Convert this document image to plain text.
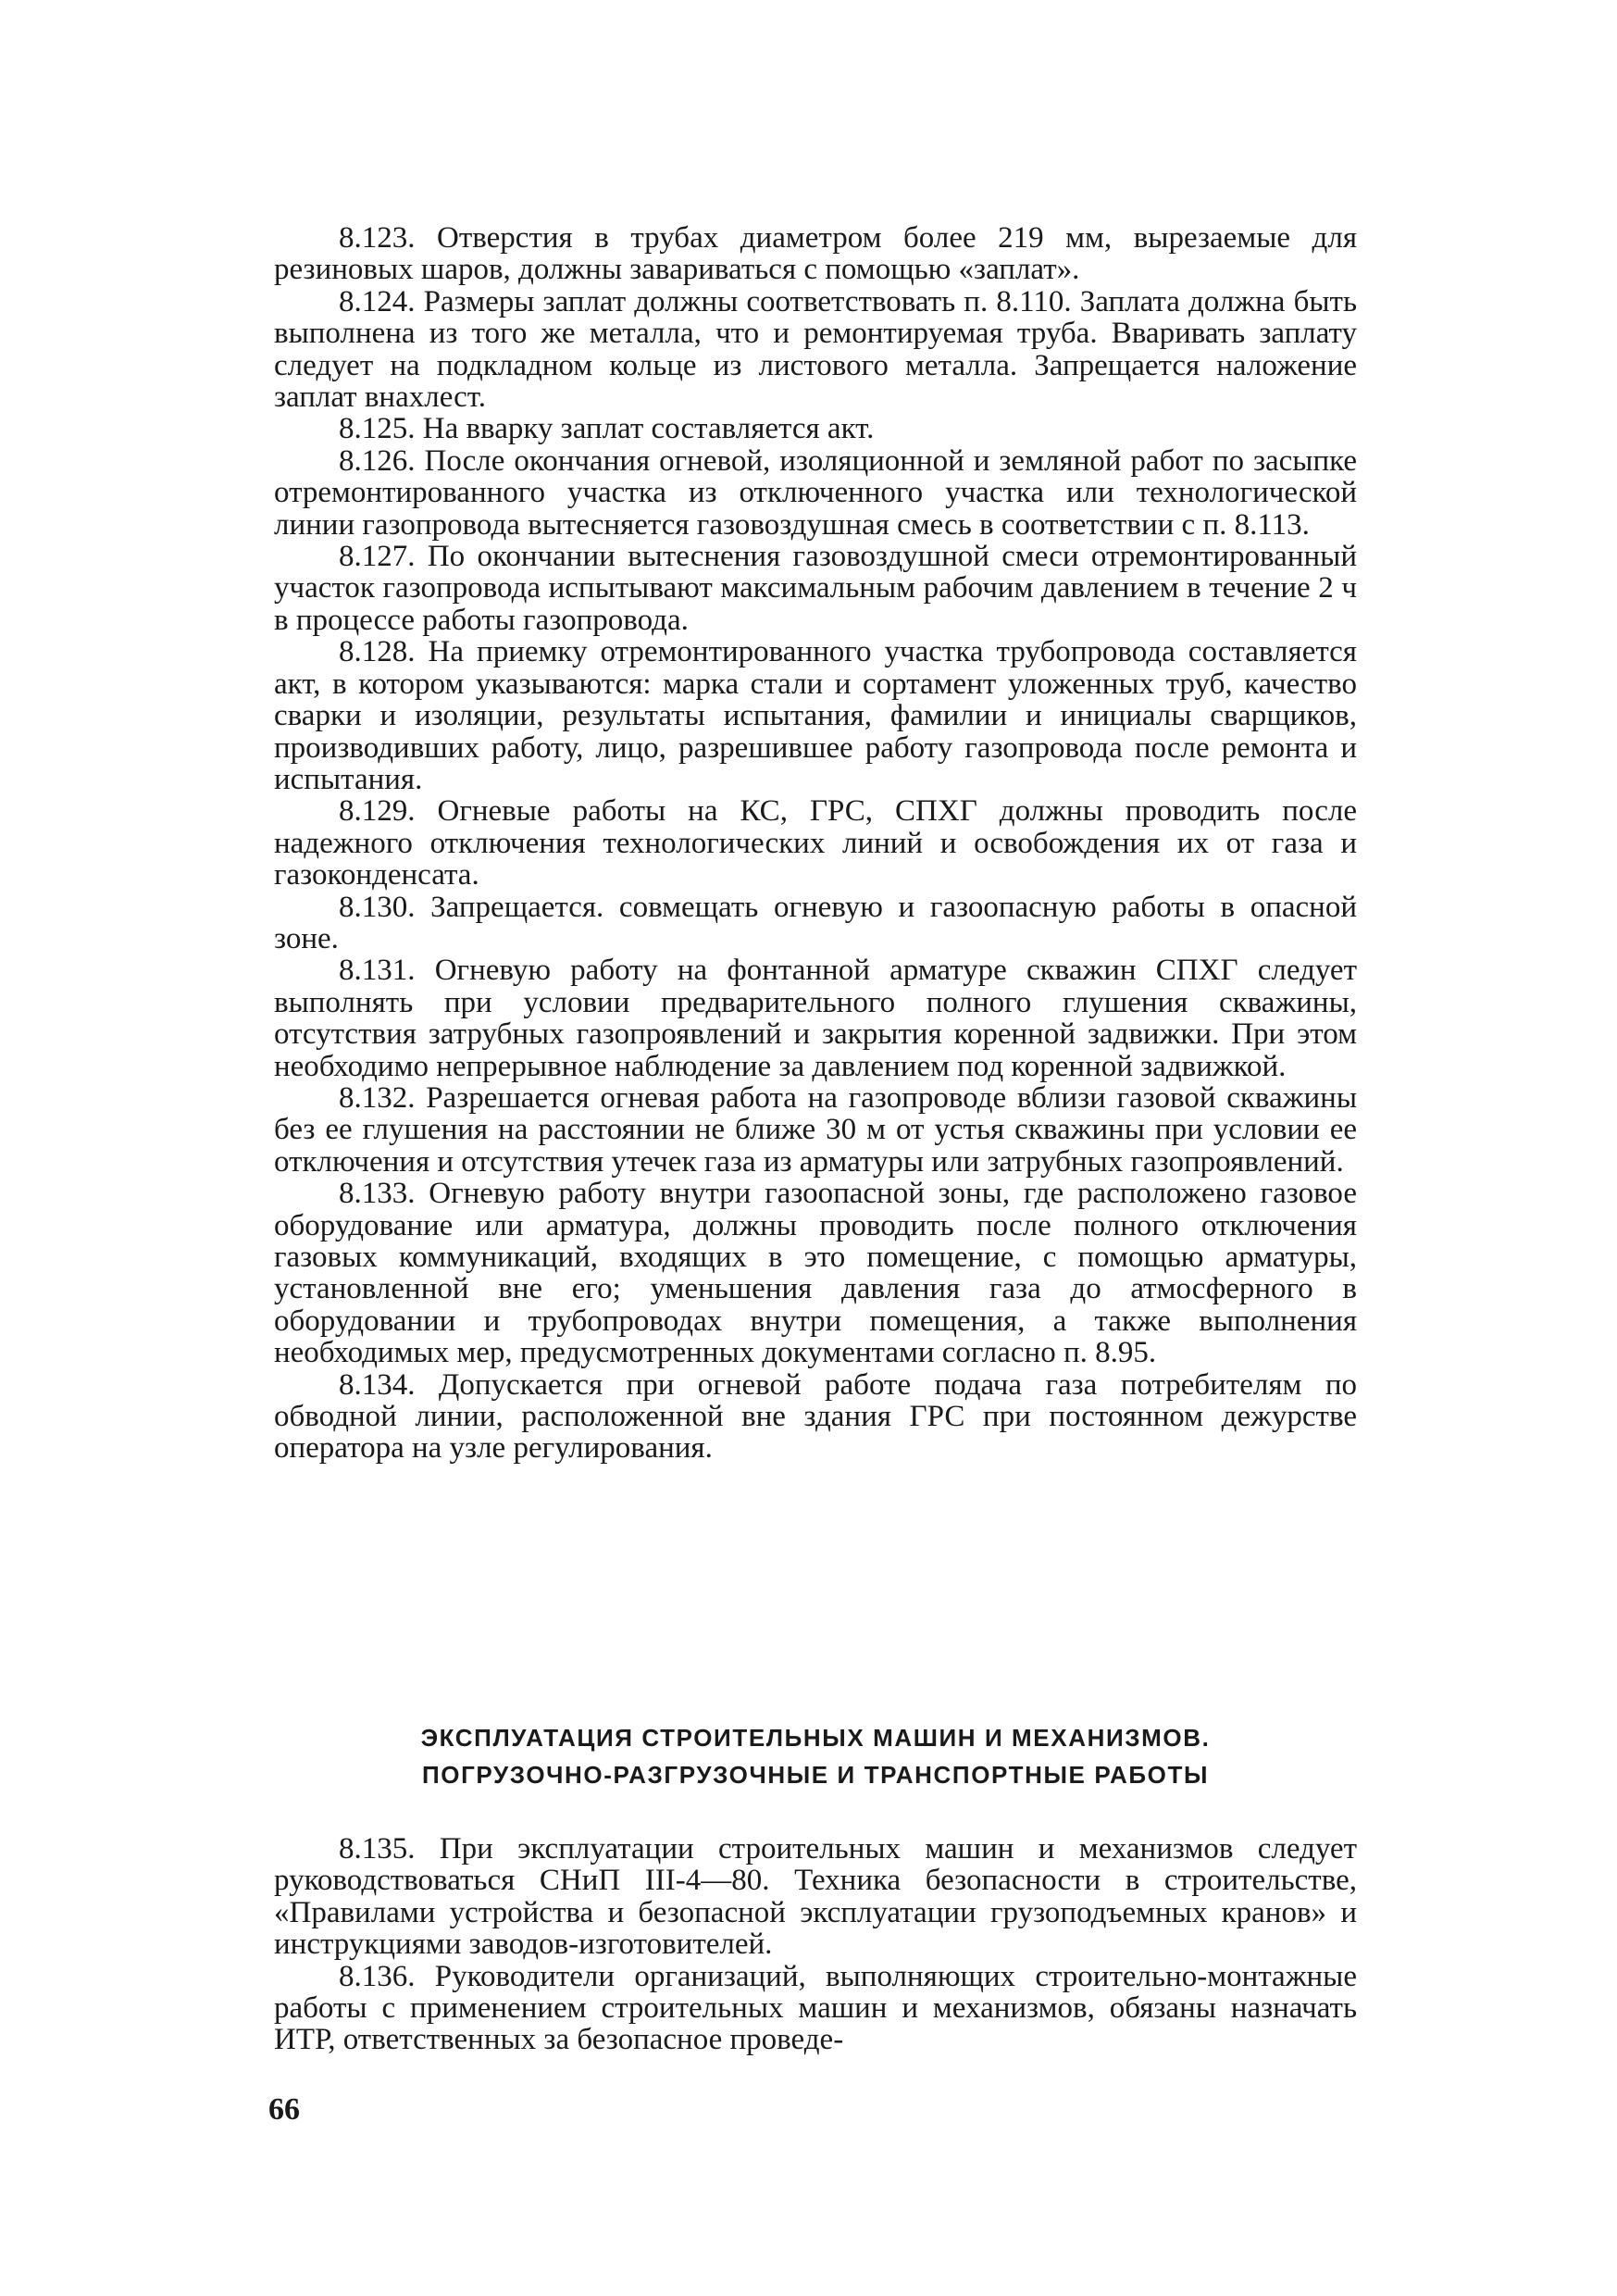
8.123. Отверстия в трубах диаметром более 219 мм, вырезаемые для резиновых шаров, должны завариваться с помощью «заплат».

8.124. Размеры заплат должны соответствовать п. 8.110. Заплата должна быть выполнена из того же металла, что и ремонтируемая труба. Вваривать заплату следует на подкладном кольце из листового металла. Запрещается наложение заплат внахлест.

8.125. На вварку заплат составляется акт.

8.126. После окончания огневой, изоляционной и земляной работ по засыпке отремонтированного участка из отключенного участка или технологической линии газопровода вытесняется газовоздушная смесь в соответствии с п. 8.113.

8.127. По окончании вытеснения газовоздушной смеси отремонтированный участок газопровода испытывают максимальным рабочим давлением в течение 2 ч в процессе работы газопровода.

8.128. На приемку отремонтированного участка трубопровода составляется акт, в котором указываются: марка стали и сортамент уложенных труб, качество сварки и изоляции, результаты испытания, фамилии и инициалы сварщиков, производивших работу, лицо, разрешившее работу газопровода после ремонта и испытания.

8.129. Огневые работы на КС, ГРС, СПХГ должны проводить после надежного отключения технологических линий и освобождения их от газа и газоконденсата.

8.130. Запрещается. совмещать огневую и газоопасную работы в опасной зоне.

8.131. Огневую работу на фонтанной арматуре скважин СПХГ следует выполнять при условии предварительного полного глушения скважины, отсутствия затрубных газопроявлений и закрытия коренной задвижки. При этом необходимо непрерывное наблюдение за давлением под коренной задвижкой.

8.132. Разрешается огневая работа на газопроводе вблизи газовой скважины без ее глушения на расстоянии не ближе 30 м от устья скважины при условии ее отключения и отсутствия утечек газа из арматуры или затрубных газопроявлений.

8.133. Огневую работу внутри газоопасной зоны, где расположено газовое оборудование или арматура, должны проводить после полного отключения газовых коммуникаций, входящих в это помещение, с помощью арматуры, установленной вне его; уменьшения давления газа до атмосферного в оборудовании и трубопроводах внутри помещения, а также выполнения необходимых мер, предусмотренных документами согласно п. 8.95.

8.134. Допускается при огневой работе подача газа потребителям по обводной линии, расположенной вне здания ГРС при постоянном дежурстве оператора на узле регулирования.

ЭКСПЛУАТАЦИЯ СТРОИТЕЛЬНЫХ МАШИН И МЕХАНИЗМОВ.
ПОГРУЗОЧНО-РАЗГРУЗОЧНЫЕ И ТРАНСПОРТНЫЕ РАБОТЫ

8.135. При эксплуатации строительных машин и механизмов следует руководствоваться СНиП III-4—80. Техника безопасности в строительстве, «Правилами устройства и безопасной эксплуатации грузоподъемных кранов» и инструкциями заводов-изготовителей.

8.136. Руководители организаций, выполняющих строительно-монтажные работы с применением строительных машин и механизмов, обязаны назначать ИТР, ответственных за безопасное проведе-

66
